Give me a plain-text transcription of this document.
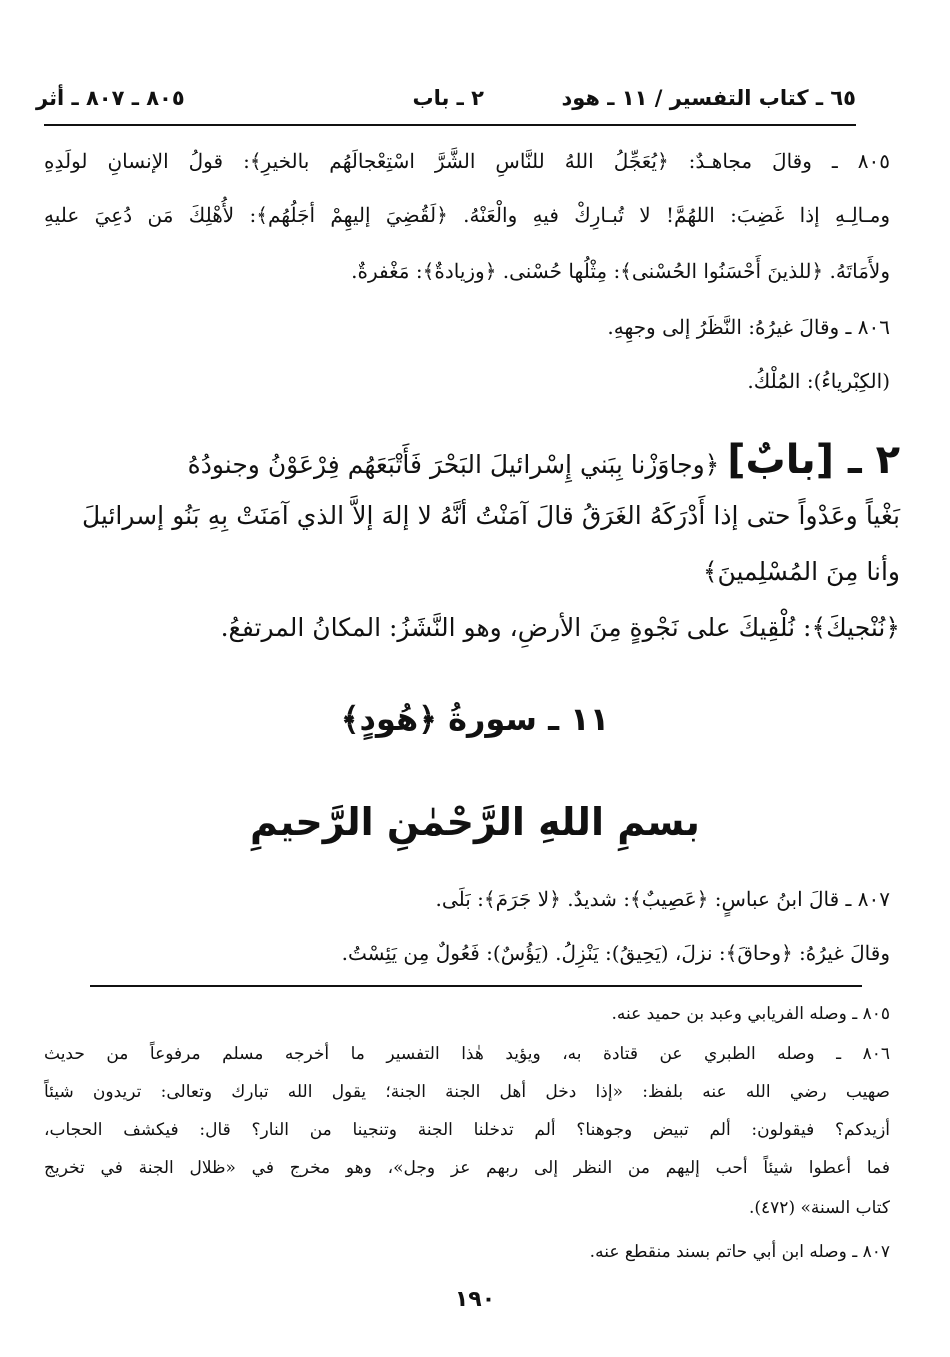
٦٥ ـ كتاب التفسير / ١١ ـ هود
٢ ـ باب
٨٠٥ ـ ٨٠٧ ـ أثر
٨٠٥ ـ وقالَ مجاهـدٌ: ﴿يُعَجِّلُ اللهُ للنَّاسِ الشَّرَّ اسْتِعْجالَهُم بالخيرِ﴾: قولُ الإنسانِ لولَدِهِ
ومـالِـهِ إذا غَضِبَ: اللهُمَّ! لا تُبـارِكْ فيهِ والْعَنْهُ. ﴿لَقُضِيَ إليهِمْ أجَلُهُم﴾: لأُهْلِكَ مَن دُعِيَ عليهِ
ولأَمَاتَهُ. ﴿للذينَ أَحْسَنُوا الحُسْنى﴾: مِثْلُها حُسْنى. ﴿وزيادةٌ﴾: مَغْفرةٌ.
٨٠٦ ـ وقالَ غيرُهُ: النَّظَرُ إلى وجهِهِ.
(الكِبْرياءُ): المُلْكُ.
٢ ـ [بابٌ] ﴿وجاوَزْنا بِبَني إِسْرائيلَ البَحْرَ فَأَتْبَعَهُم فِرْعَوْنُ وجنودُهُ
بَغْياً وعَدْواً حتى إذا أَدْرَكَهُ الغَرَقُ قالَ آمَنْتُ أنَّهُ لا إلهَ إلاَّ الذي آمَنَتْ بِهِ بَنُو إسرائيلَ
وأنا مِنَ المُسْلِمينَ﴾
﴿نُنْجيكَ﴾: نُلْقِيكَ على نَجْوةٍ مِنَ الأرضِ، وهو النَّشَزُ: المكانُ المرتفعُ.
١١ ـ سورةُ ﴿هُودٍ﴾
بسمِ اللهِ الرَّحْمٰنِ الرَّحيمِ
٨٠٧ ـ قالَ ابنُ عباسٍ: ﴿عَصِيبٌ﴾: شديدٌ. ﴿لا جَرَمَ﴾: بَلَى.
وقالَ غيرُهُ: ﴿وحاقَ﴾: نزلَ، (يَحِيقُ): يَنْزِلُ. (يَؤُسٌ): فَعُولٌ مِن يَئِسْتُ.
٨٠٥ ـ وصله الفريابي وعبد بن حميد عنه.
٨٠٦ ـ وصله الطبري عن قتادة به، ويؤيد هٰذا التفسير ما أخرجه مسلم مرفوعاً من حديث
صهيب رضي الله عنه بلفظ: «إذا دخل أهل الجنة الجنة؛ يقول الله تبارك وتعالى: تريدون شيئاً
أزيدكم؟ فيقولون: ألم تبيض وجوهنا؟ ألم تدخلنا الجنة وتنجينا من النار؟ قال: فيكشف الحجاب،
فما أعطوا شيئاً أحب إليهم من النظر إلى ربهم عز وجل»، وهو مخرج في «ظلال الجنة في تخريج
كتاب السنة» (٤٧٢).
٨٠٧ ـ وصله ابن أبي حاتم بسند منقطع عنه.
١٩٠
